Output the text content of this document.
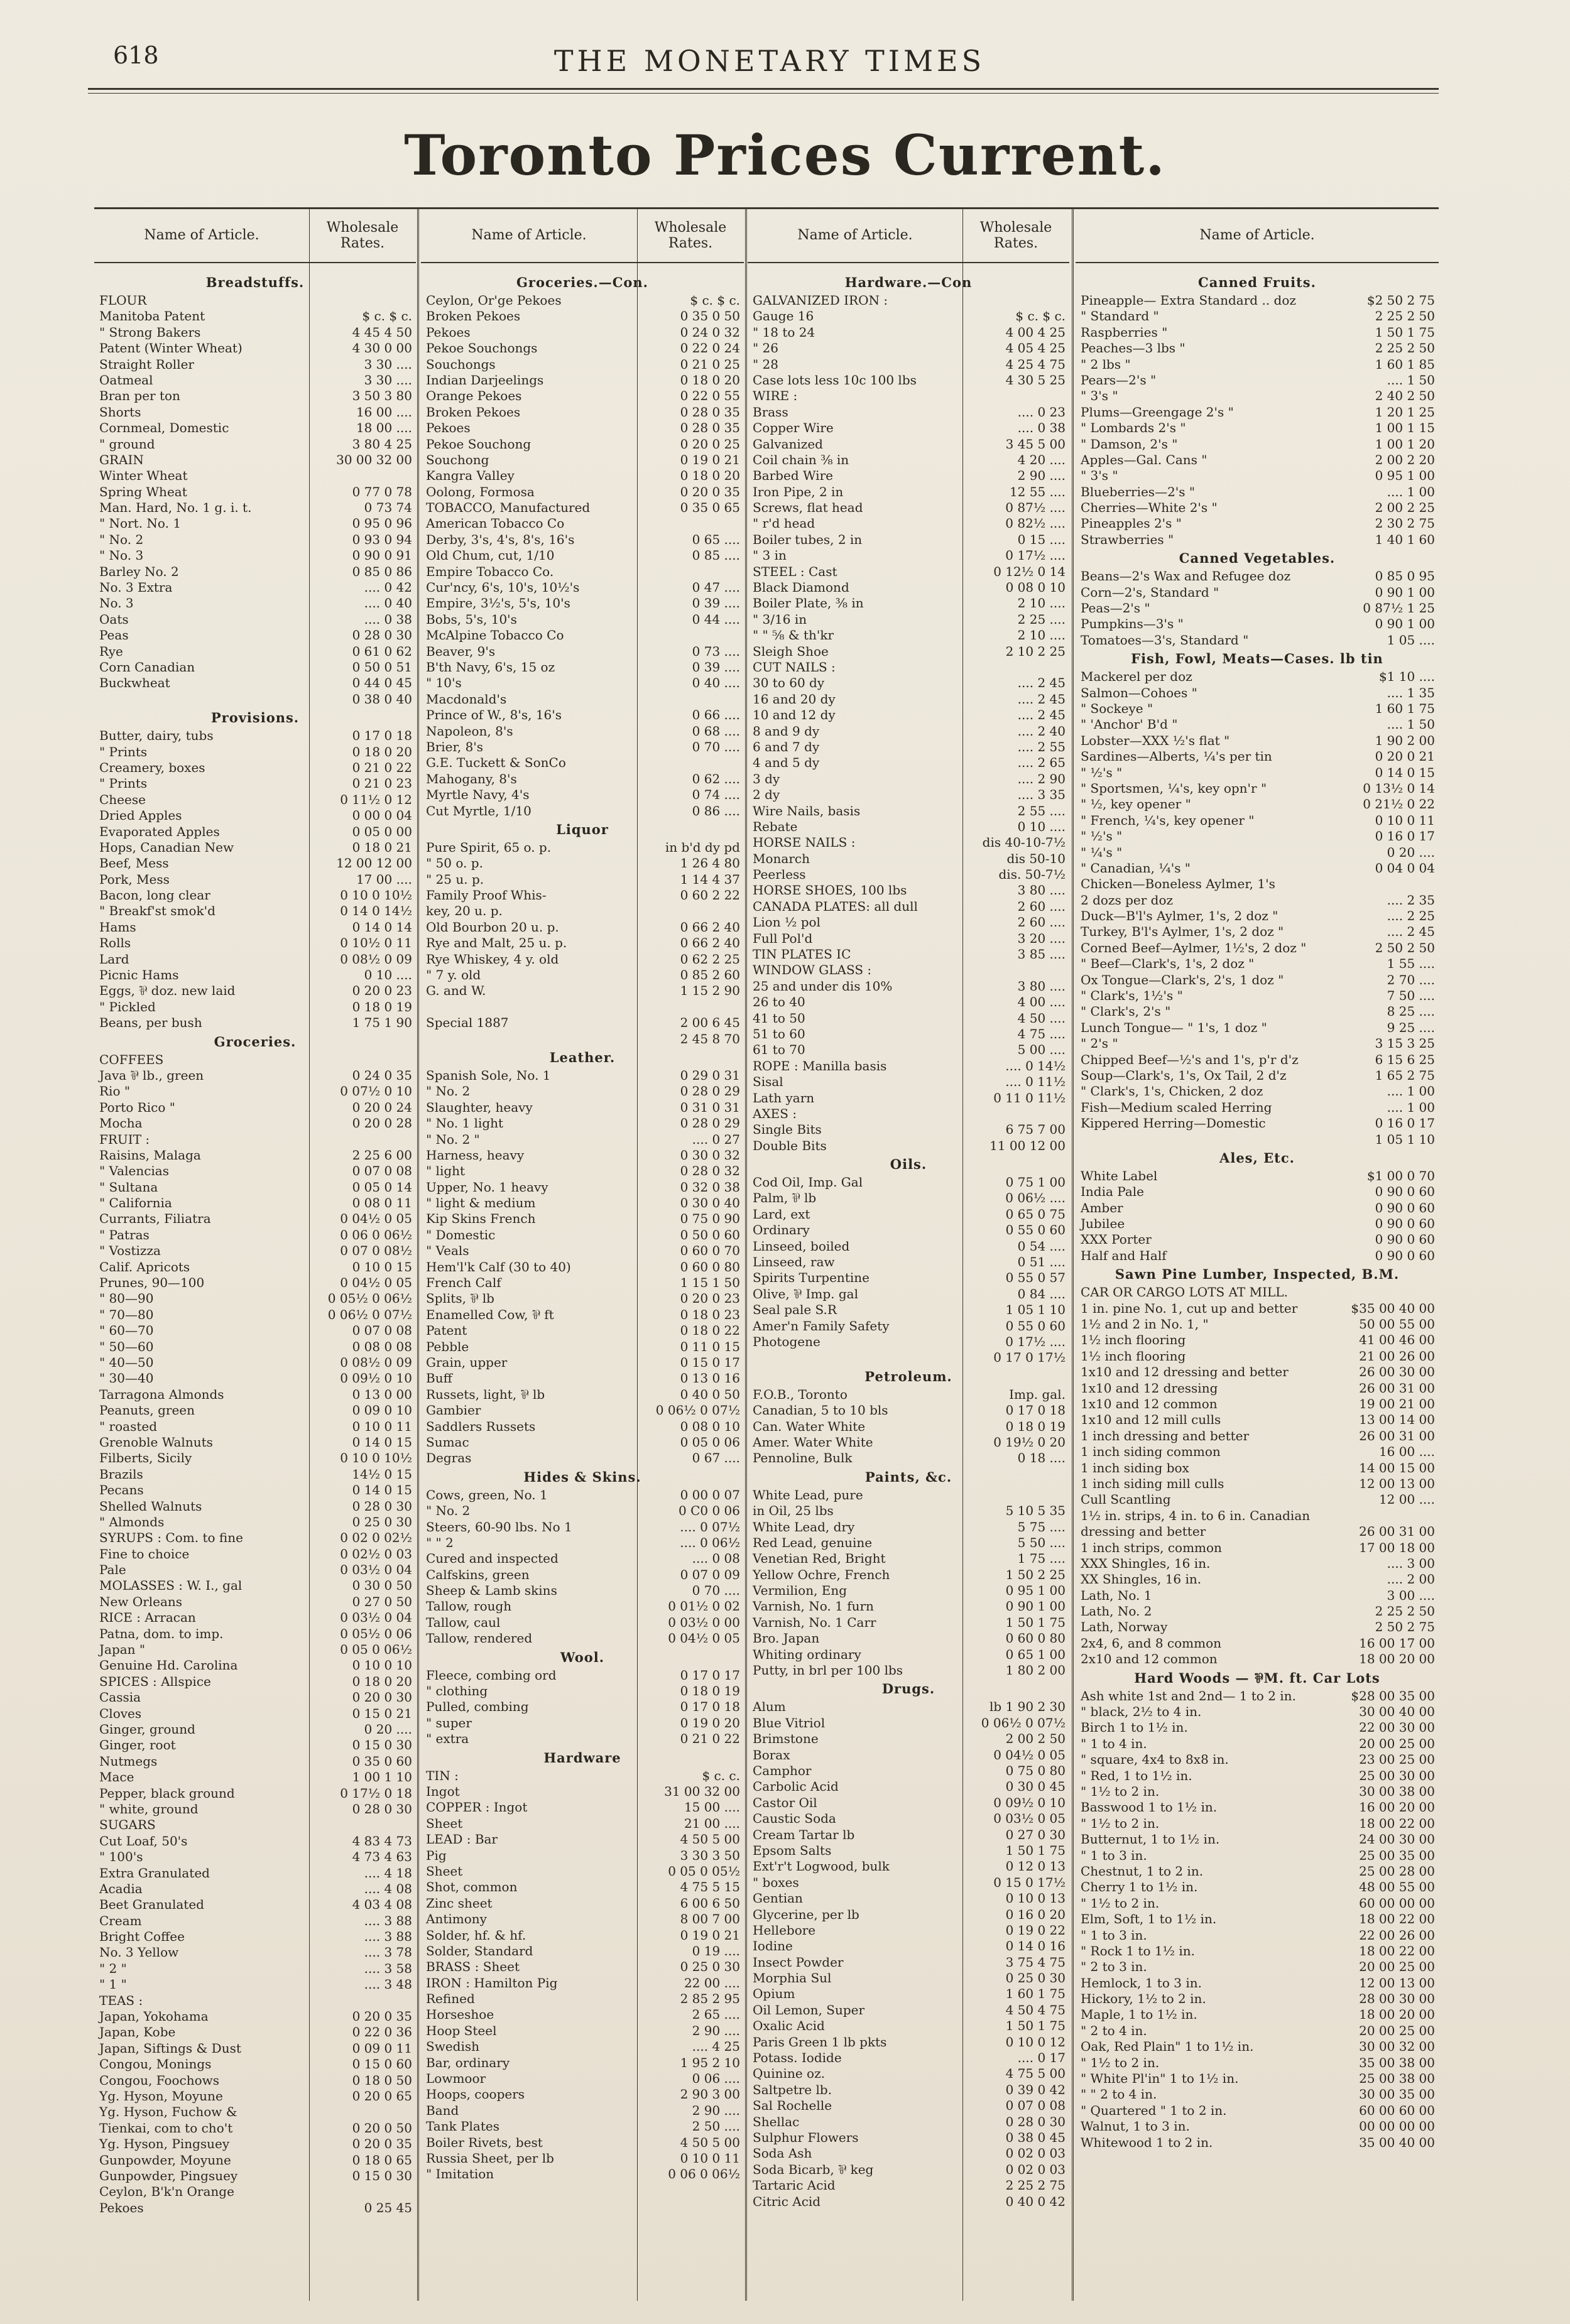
618	THE MONETARY TIMES
Toronto Prices Current.
Name of Article.
Wholesale Rates.
Breadstuffs.
FLOUR
Manitoba Patent	$ c. $ c.
" Strong Bakers	4 45 4 50
Patent (Winter Wheat)	4 30 0 00
Straight Roller	3 30 ....
Oatmeal	3 30 ....
Bran per ton	3 50 3 80
Shorts	16 00 ....
Cornmeal, Domestic	18 00 ....
" ground	3 80 4 25
GRAIN	30 00 32 00
Winter Wheat
Spring Wheat	0 77 0 78
Man. Hard, No. 1 g. i. t.	0 73 74
" Nort. No. 1	0 95 0 96
" No. 2	0 93 0 94
" No. 3	0 90 0 91
Barley No. 2	0 85 0 86
No. 3 Extra	.... 0 42
No. 3	.... 0 40
Oats	.... 0 38
Peas	0 28 0 30
Rye	0 61 0 62
Corn Canadian	0 50 0 51
Buckwheat	0 44 0 45
0 38 0 40
Provisions.
Butter, dairy, tubs	0 17 0 18
" Prints	0 18 0 20
Creamery, boxes	0 21 0 22
" Prints	0 21 0 23
Cheese	0 11½ 0 12
Dried Apples	0 00 0 04
Evaporated Apples	0 05 0 00
Hops, Canadian New	0 18 0 21
Beef, Mess	12 00 12 00
Pork, Mess	17 00 ....
Bacon, long clear	0 10 0 10½
" Breakf'st smok'd	0 14 0 14½
Hams	0 14 0 14
Rolls	0 10½ 0 11
Lard	0 08½ 0 09
Picnic Hams	0 10 ....
Eggs, ⅌ doz. new laid	0 20 0 23
" Pickled	0 18 0 19
Beans, per bush	1 75 1 90
Groceries.
COFFEES
Java ⅌ lb., green	0 24 0 35
Rio "	0 07½ 0 10
Porto Rico "	0 20 0 24
Mocha	0 20 0 28
FRUIT :
Raisins, Malaga	2 25 6 00
" Valencias	0 07 0 08
" Sultana	0 05 0 14
" California	0 08 0 11
Currants, Filiatra	0 04½ 0 05
" Patras	0 06 0 06½
" Vostizza	0 07 0 08½
Calif. Apricots	0 10 0 15
Prunes, 90—100	0 04½ 0 05
" 80—90	0 05½ 0 06½
" 70—80	0 06½ 0 07½
" 60—70	0 07 0 08
" 50—60	0 08 0 08
" 40—50	0 08½ 0 09
" 30—40	0 09½ 0 10
Tarragona Almonds	0 13 0 00
Peanuts, green	0 09 0 10
" roasted	0 10 0 11
Grenoble Walnuts	0 14 0 15
Filberts, Sicily	0 10 0 10½
Brazils	14½ 0 15
Pecans	0 14 0 15
Shelled Walnuts	0 28 0 30
" Almonds	0 25 0 30
SYRUPS : Com. to fine	0 02 0 02½
Fine to choice	0 02½ 0 03
Pale	0 03½ 0 04
MOLASSES : W. I., gal	0 30 0 50
New Orleans	0 27 0 50
RICE : Arracan	0 03½ 0 04
Patna, dom. to imp.	0 05½ 0 06
Japan "	0 05 0 06½
Genuine Hd. Carolina	0 10 0 10
SPICES : Allspice	0 18 0 20
Cassia	0 20 0 30
Cloves	0 15 0 21
Ginger, ground	0 20 ....
Ginger, root	0 15 0 30
Nutmegs	0 35 0 60
Mace	1 00 1 10
Pepper, black ground	0 17½ 0 18
" white, ground	0 28 0 30
SUGARS
Cut Loaf, 50's	4 83 4 73
" 100's	4 73 4 63
Extra Granulated	.... 4 18
Acadia	.... 4 08
Beet Granulated	4 03 4 08
Cream	.... 3 88
Bright Coffee	.... 3 88
No. 3 Yellow	.... 3 78
" 2 "	.... 3 58
" 1 "	.... 3 48
TEAS :
Japan, Yokohama	0 20 0 35
Japan, Kobe	0 22 0 36
Japan, Siftings & Dust	0 09 0 11
Congou, Monings	0 15 0 60
Congou, Foochows	0 18 0 50
Yg. Hyson, Moyune	0 20 0 65
Yg. Hyson, Fuchow &
Tienkai, com to cho't	0 20 0 50
Yg. Hyson, Pingsuey	0 20 0 35
Gunpowder, Moyune	0 18 0 65
Gunpowder, Pingsuey	0 15 0 30
Ceylon, B'k'n Orange
Pekoes	0 25 45
Name of Article.
Wholesale Rates.
Groceries.—Con.
Ceylon, Or'ge Pekoes	$ c. $ c.
Broken Pekoes	0 35 0 50
Pekoes	0 24 0 32
Pekoe Souchongs	0 22 0 24
Souchongs	0 21 0 25
Indian Darjeelings	0 18 0 20
Orange Pekoes	0 22 0 55
Broken Pekoes	0 28 0 35
Pekoes	0 28 0 35
Pekoe Souchong	0 20 0 25
Souchong	0 19 0 21
Kangra Valley	0 18 0 20
Oolong, Formosa	0 20 0 35
TOBACCO, Manufactured	0 35 0 65
American Tobacco Co
Derby, 3's, 4's, 8's, 16's	0 65 ....
Old Chum, cut, 1/10	0 85 ....
Empire Tobacco Co.
Cur'ncy, 6's, 10's, 10½'s	0 47 ....
Empire, 3½'s, 5's, 10's	0 39 ....
Bobs, 5's, 10's	0 44 ....
McAlpine Tobacco Co
Beaver, 9's	0 73 ....
B'th Navy, 6's, 15 oz	0 39 ....
" 10's	0 40 ....
Macdonald's
Prince of W., 8's, 16's	0 66 ....
Napoleon, 8's	0 68 ....
Brier, 8's	0 70 ....
G.E. Tuckett & SonCo
Mahogany, 8's	0 62 ....
Myrtle Navy, 4's	0 74 ....
Cut Myrtle, 1/10	0 86 ....
Liquor
Pure Spirit, 65 o. p.	in b'd dy pd
" 50 o. p.	1 26 4 80
" 25 u. p.	1 14 4 37
Family Proof Whis-	0 60 2 22
key, 20 u. p.
Old Bourbon 20 u. p.	0 66 2 40
Rye and Malt, 25 u. p.	0 66 2 40
Rye Whiskey, 4 y. old	0 62 2 25
" 7 y. old	0 85 2 60
G. and W.	1 15 2 90
Special 1887	2 00 6 45
2 45 8 70
Leather.
Spanish Sole, No. 1	0 29 0 31
" No. 2	0 28 0 29
Slaughter, heavy	0 31 0 31
" No. 1 light	0 28 0 29
" No. 2 "	.... 0 27
Harness, heavy	0 30 0 32
" light	0 28 0 32
Upper, No. 1 heavy	0 32 0 38
" light & medium	0 30 0 40
Kip Skins French	0 75 0 90
" Domestic	0 50 0 60
" Veals	0 60 0 70
Hem'l'k Calf (30 to 40)	0 60 0 80
French Calf	1 15 1 50
Splits, ⅌ lb	0 20 0 23
Enamelled Cow, ⅌ ft	0 18 0 23
Patent	0 18 0 22
Pebble	0 11 0 15
Grain, upper	0 15 0 17
Buff	0 13 0 16
Russets, light, ⅌ lb	0 40 0 50
Gambier	0 06½ 0 07½
Saddlers Russets	0 08 0 10
Sumac	0 05 0 06
Degras	0 67 ....
Hides & Skins.
Cows, green, No. 1	0 00 0 07
" No. 2	0 C0 0 06
Steers, 60-90 lbs. No 1	.... 0 07½
" " 2	.... 0 06½
Cured and inspected	.... 0 08
Calfskins, green	0 07 0 09
Sheep & Lamb skins	0 70 ....
Tallow, rough	0 01½ 0 02
Tallow, caul	0 03½ 0 00
Tallow, rendered	0 04½ 0 05
Wool.
Fleece, combing ord	0 17 0 17
" clothing	0 18 0 19
Pulled, combing	0 17 0 18
" super	0 19 0 20
" extra	0 21 0 22
Hardware
TIN :	$ c. c.
Ingot	31 00 32 00
COPPER : Ingot	15 00 ....
Sheet	21 00 ....
LEAD : Bar	4 50 5 00
Pig	3 30 3 50
Sheet	0 05 0 05½
Shot, common	4 75 5 15
Zinc sheet	6 00 6 50
Antimony	8 00 7 00
Solder, hf. & hf.	0 19 0 21
Solder, Standard	0 19 ....
BRASS : Sheet	0 25 0 30
IRON : Hamilton Pig	22 00 ....
Refined	2 85 2 95
Horseshoe	2 65 ....
Hoop Steel	2 90 ....
Swedish	.... 4 25
Bar, ordinary	1 95 2 10
Lowmoor	0 06 ....
Hoops, coopers	2 90 3 00
Band	2 90 ....
Tank Plates	2 50 ....
Boiler Rivets, best	4 50 5 00
Russia Sheet, per lb	0 10 0 11
" Imitation	0 06 0 06½
Name of Article.
Wholesale Rates.
Hardware.—Con
GALVANIZED IRON :
Gauge 16	$ c. $ c.
" 18 to 24	4 00 4 25
" 26	4 05 4 25
" 28	4 25 4 75
Case lots less 10c 100 lbs	4 30 5 25
WIRE :
Brass	.... 0 23
Copper Wire	.... 0 38
Galvanized	3 45 5 00
Coil chain ⅜ in	4 20 ....
Barbed Wire	2 90 ....
Iron Pipe, 2 in	12 55 ....
Screws, flat head	0 87½ ....
" r'd head	0 82½ ....
Boiler tubes, 2 in	0 15 ....
" 3 in	0 17½ ....
STEEL : Cast	0 12½ 0 14
Black Diamond	0 08 0 10
Boiler Plate, ⅜ in	2 10 ....
" 3/16 in	2 25 ....
" " ⅝ & th'kr	2 10 ....
Sleigh Shoe	2 10 2 25
CUT NAILS :
30 to 60 dy	.... 2 45
16 and 20 dy	.... 2 45
10 and 12 dy	.... 2 45
8 and 9 dy	.... 2 40
6 and 7 dy	.... 2 55
4 and 5 dy	.... 2 65
3 dy	.... 2 90
2 dy	.... 3 35
Wire Nails, basis	2 55 ....
Rebate	0 10 ....
HORSE NAILS :	dis 40-10-7½
Monarch	dis 50-10
Peerless	dis. 50-7½
HORSE SHOES, 100 lbs	3 80 ....
CANADA PLATES: all dull	2 60 ....
Lion ½ pol	2 60 ....
Full Pol'd	3 20 ....
TIN PLATES IC	3 85 ....
WINDOW GLASS :
25 and under dis 10%	3 80 ....
26 to 40	4 00 ....
41 to 50	4 50 ....
51 to 60	4 75 ....
61 to 70	5 00 ....
ROPE : Manilla basis	.... 0 14½
Sisal	.... 0 11½
Lath yarn	0 11 0 11½
AXES :
Single Bits	6 75 7 00
Double Bits	11 00 12 00
Oils.
Cod Oil, Imp. Gal	0 75 1 00
Palm, ⅌ lb	0 06½ ....
Lard, ext	0 65 0 75
Ordinary	0 55 0 60
Linseed, boiled	0 54 ....
Linseed, raw	0 51 ....
Spirits Turpentine	0 55 0 57
Olive, ⅌ Imp. gal	0 84 ....
Seal pale S.R	1 05 1 10
Amer'n Family Safety	0 55 0 60
Photogene	0 17½ ....
0 17 0 17½
Petroleum.
F.O.B., Toronto	Imp. gal.
Canadian, 5 to 10 bls	0 17 0 18
Can. Water White	0 18 0 19
Amer. Water White	0 19½ 0 20
Pennoline, Bulk	0 18 ....
Paints, &c.
White Lead, pure
in Oil, 25 lbs	5 10 5 35
White Lead, dry	5 75 ....
Red Lead, genuine	5 50 ....
Venetian Red, Bright	1 75 ....
Yellow Ochre, French	1 50 2 25
Vermilion, Eng	0 95 1 00
Varnish, No. 1 furn	0 90 1 00
Varnish, No. 1 Carr	1 50 1 75
Bro. Japan	0 60 0 80
Whiting ordinary	0 65 1 00
Putty, in brl per 100 lbs	1 80 2 00
Drugs.
Alum	lb 1 90 2 30
Blue Vitriol	0 06½ 0 07½
Brimstone	2 00 2 50
Borax	0 04½ 0 05
Camphor	0 75 0 80
Carbolic Acid	0 30 0 45
Castor Oil	0 09½ 0 10
Caustic Soda	0 03½ 0 05
Cream Tartar lb	0 27 0 30
Epsom Salts	1 50 1 75
Ext'r't Logwood, bulk	0 12 0 13
" boxes	0 15 0 17½
Gentian	0 10 0 13
Glycerine, per lb	0 16 0 20
Hellebore	0 19 0 22
Iodine	0 14 0 16
Insect Powder	3 75 4 75
Morphia Sul	0 25 0 30
Opium	1 60 1 75
Oil Lemon, Super	4 50 4 75
Oxalic Acid	1 50 1 75
Paris Green 1 lb pkts	0 10 0 12
Potass. Iodide	.... 0 17
Quinine oz.	4 75 5 00
Saltpetre lb.	0 39 0 42
Sal Rochelle	0 07 0 08
Shellac	0 28 0 30
Sulphur Flowers	0 38 0 45
Soda Ash	0 02 0 03
Soda Bicarb, ⅌ keg	0 02 0 03
Tartaric Acid	2 25 2 75
Citric Acid	0 40 0 42
Name of Article.
Canned Fruits.
Pineapple— Extra Standard .. doz	$2 50 2 75
" Standard "	2 25 2 50
Raspberries "	1 50 1 75
Peaches—3 lbs "	2 25 2 50
" 2 lbs "	1 60 1 85
Pears—2's "	.... 1 50
" 3's "	2 40 2 50
Plums—Greengage 2's "	1 20 1 25
" Lombards 2's "	1 00 1 15
" Damson, 2's "	1 00 1 20
Apples—Gal. Cans "	2 00 2 20
" 3's "	0 95 1 00
Blueberries—2's "	.... 1 00
Cherries—White 2's "	2 00 2 25
Pineapples 2's "	2 30 2 75
Strawberries "	1 40 1 60
Canned Vegetables.
Beans—2's Wax and Refugee doz	0 85 0 95
Corn—2's, Standard "	0 90 1 00
Peas—2's "	0 87½ 1 25
Pumpkins—3's "	0 90 1 00
Tomatoes—3's, Standard "	1 05 ....
Fish, Fowl, Meats—Cases. lb tin
Mackerel per doz	$1 10 ....
Salmon—Cohoes "	.... 1 35
" Sockeye "	1 60 1 75
" 'Anchor' B'd "	.... 1 50
Lobster—XXX ½'s flat "	1 90 2 00
Sardines—Alberts, ¼'s per tin	0 20 0 21
" ½'s "	0 14 0 15
" Sportsmen, ¼'s, key opn'r "	0 13½ 0 14
" ½, key opener "	0 21½ 0 22
" French, ¼'s, key opener "	0 10 0 11
" ½'s "	0 16 0 17
" ¼'s "	0 20 ....
" Canadian, ¼'s "	0 04 0 04
Chicken—Boneless Aylmer, 1's
2 dozs per doz	.... 2 35
Duck—B'l's Aylmer, 1's, 2 doz "	.... 2 25
Turkey, B'l's Aylmer, 1's, 2 doz "	.... 2 45
Corned Beef—Aylmer, 1½'s, 2 doz "	2 50 2 50
" Beef—Clark's, 1's, 2 doz "	1 55 ....
Ox Tongue—Clark's, 2's, 1 doz "	2 70 ....
" Clark's, 1½'s "	7 50 ....
" Clark's, 2's "	8 25 ....
Lunch Tongue— " 1's, 1 doz "	9 25 ....
" 2's "	3 15 3 25
Chipped Beef—½'s and 1's, p'r d'z	6 15 6 25
Soup—Clark's, 1's, Ox Tail, 2 d'z	1 65 2 75
" Clark's, 1's, Chicken, 2 doz	.... 1 00
Fish—Medium scaled Herring	.... 1 00
Kippered Herring—Domestic	0 16 0 17
1 05 1 10
Ales, Etc.
White Label	$1 00 0 70
India Pale	0 90 0 60
Amber	0 90 0 60
Jubilee	0 90 0 60
XXX Porter	0 90 0 60
Half and Half	0 90 0 60
Sawn Pine Lumber, Inspected, B.M.
CAR OR CARGO LOTS AT MILL.
1 in. pine No. 1, cut up and better	$35 00 40 00
1½ and 2 in No. 1, "	50 00 55 00
1½ inch flooring	41 00 46 00
1½ inch flooring	21 00 26 00
1x10 and 12 dressing and better	26 00 30 00
1x10 and 12 dressing	26 00 31 00
1x10 and 12 common	19 00 21 00
1x10 and 12 mill culls	13 00 14 00
1 inch dressing and better	26 00 31 00
1 inch siding common	16 00 ....
1 inch siding box	14 00 15 00
1 inch siding mill culls	12 00 13 00
Cull Scantling	12 00 ....
1½ in. strips, 4 in. to 6 in. Canadian
dressing and better	26 00 31 00
1 inch strips, common	17 00 18 00
XXX Shingles, 16 in.	.... 3 00
XX Shingles, 16 in.	.... 2 00
Lath, No. 1	3 00 ....
Lath, No. 2	2 25 2 50
Lath, Norway	2 50 2 75
2x4, 6, and 8 common	16 00 17 00
2x10 and 12 common	18 00 20 00
Hard Woods — ⅌M. ft. Car Lots
Ash white 1st and 2nd— 1 to 2 in.	$28 00 35 00
" black, 2½ to 4 in.	30 00 40 00
Birch 1 to 1½ in.	22 00 30 00
" 1 to 4 in.	20 00 25 00
" square, 4x4 to 8x8 in.	23 00 25 00
" Red, 1 to 1½ in.	25 00 30 00
" 1½ to 2 in.	30 00 38 00
Basswood 1 to 1½ in.	16 00 20 00
" 1½ to 2 in.	18 00 22 00
Butternut, 1 to 1½ in.	24 00 30 00
" 1 to 3 in.	25 00 35 00
Chestnut, 1 to 2 in.	25 00 28 00
Cherry 1 to 1½ in.	48 00 55 00
" 1½ to 2 in.	60 00 00 00
Elm, Soft, 1 to 1½ in.	18 00 22 00
" 1 to 3 in.	22 00 26 00
" Rock 1 to 1½ in.	18 00 22 00
" 2 to 3 in.	20 00 25 00
Hemlock, 1 to 3 in.	12 00 13 00
Hickory, 1½ to 2 in.	28 00 30 00
Maple, 1 to 1½ in.	18 00 20 00
" 2 to 4 in.	20 00 25 00
Oak, Red Plain" 1 to 1½ in.	30 00 32 00
" 1½ to 2 in.	35 00 38 00
" White Pl'in" 1 to 1½ in.	25 00 38 00
" " 2 to 4 in.	30 00 35 00
" Quartered " 1 to 2 in.	60 00 60 00
Walnut, 1 to 3 in.	00 00 00 00
Whitewood 1 to 2 in.	35 00 40 00
